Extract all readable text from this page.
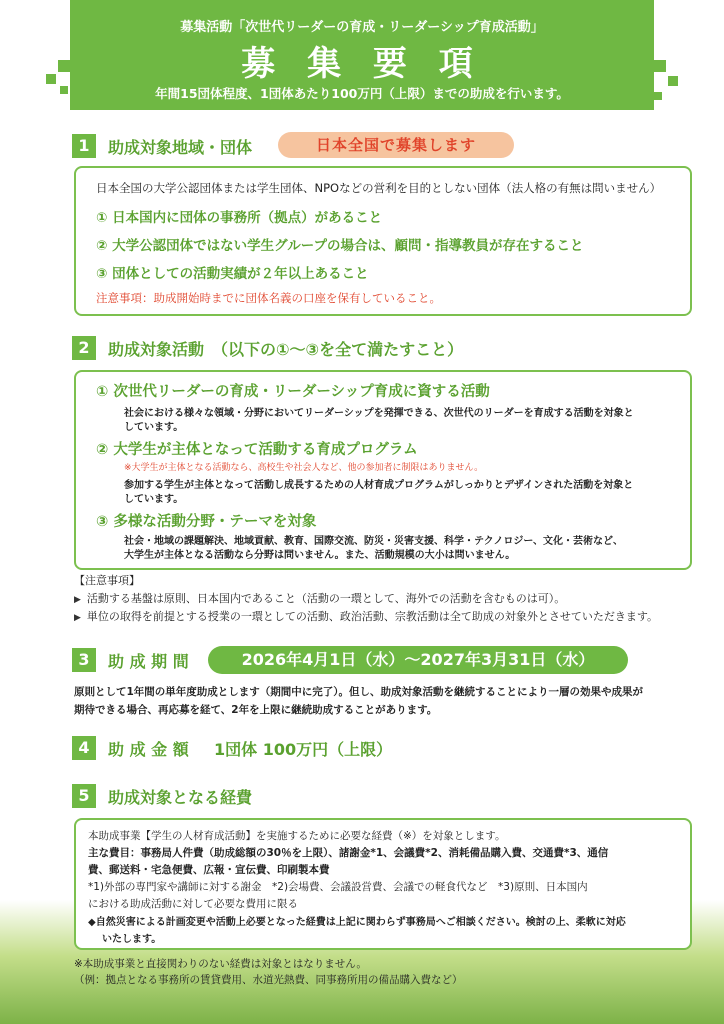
募集活動「次世代リーダーの育成・リーダーシップ育成活動」
募 集 要 項
年間15団体程度、1団体あたり100万円（上限）までの助成を行います。
1	助成対象地域・団体	日本全国で募集します
日本全国の大学公認団体または学生団体、NPOなどの営利を目的としない団体（法人格の有無は問いません）
① 日本国内に団体の事務所（拠点）があること
② 大学公認団体ではない学生グループの場合は、顧問・指導教員が存在すること
③ 団体としての活動実績が２年以上あること
注意事項：助成開始時までに団体名義の口座を保有していること。
2	助成対象活動　（以下の①～③を全て満たすこと）
① 次世代リーダーの育成・リーダーシップ育成に資する活動
社会における様々な領域・分野においてリーダーシップを発揮できる、次世代のリーダーを育成する活動を対象と
しています。
② 大学生が主体となって活動する育成プログラム
※大学生が主体となる活動なら、高校生や社会人など、他の参加者に制限はありません。
参加する学生が主体となって活動し成長するための人材育成プログラムがしっかりとデザインされた活動を対象と
しています。
③ 多様な活動分野・テーマを対象
社会・地域の課題解決、地域貢献、教育、国際交流、防災・災害支援、科学・テクノロジー、文化・芸術など、
大学生が主体となる活動なら分野は問いません。また、活動規模の大小は問いません。
【注意事項】
▶ 活動する基盤は原則、日本国内であること（活動の一環として、海外での活動を含むものは可）。
▶ 単位の取得を前提とする授業の一環としての活動、政治活動、宗教活動は全て助成の対象外とさせていただきます。
3	助 成 期 間	2026年4月1日（水）～2027年3月31日（水）
原則として1年間の単年度助成とします（期間中に完了）。但し、助成対象活動を継続することにより一層の効果や成果が
期待できる場合、再応募を経て、2年を上限に継続助成することがあります。
4	助 成 金 額 1団体 100万円（上限）
5	助成対象となる経費
本助成事業【学生の人材育成活動】を実施するために必要な経費（※）を対象とします。
主な費目：事務局人件費（助成総額の30％を上限）、諸謝金*1、会議費*2、消耗備品購入費、交通費*3、通信
費、郵送料・宅急便費、広報・宣伝費、印刷製本費
*1)外部の専門家や講師に対する謝金　*2)会場費、会議設営費、会議での軽食代など　*3)原則、日本国内
における助成活動に対して必要な費用に限る
◆自然災害による計画変更や活動上必要となった経費は上記に関わらず事務局へご相談ください。検討の上、柔軟に対応
いたします。
※本助成事業と直接関わりのない経費は対象とはなりません。
（例：拠点となる事務所の賃貸費用、水道光熱費、同事務所用の備品購入費など）
